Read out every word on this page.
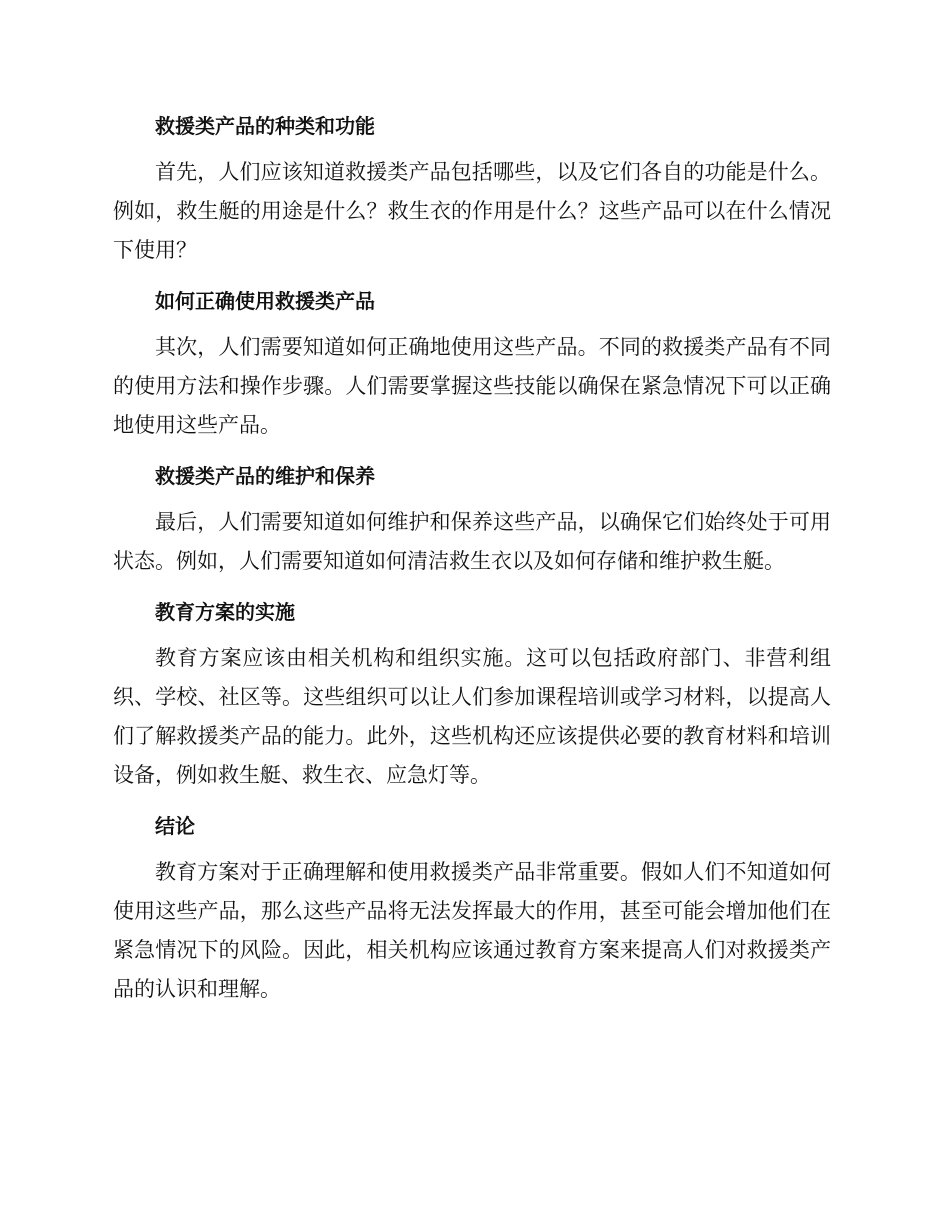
救援类产品的种类和功能

首先，人们应该知道救援类产品包括哪些，以及它们各自的功能是什么。例如，救生艇的用途是什么？救生衣的作用是什么？这些产品可以在什么情况下使用？

如何正确使用救援类产品

其次，人们需要知道如何正确地使用这些产品。不同的救援类产品有不同的使用方法和操作步骤。人们需要掌握这些技能以确保在紧急情况下可以正确地使用这些产品。

救援类产品的维护和保养

最后，人们需要知道如何维护和保养这些产品，以确保它们始终处于可用状态。例如，人们需要知道如何清洁救生衣以及如何存储和维护救生艇。

教育方案的实施

教育方案应该由相关机构和组织实施。这可以包括政府部门、非营利组织、学校、社区等。这些组织可以让人们参加课程培训或学习材料，以提高人们了解救援类产品的能力。此外，这些机构还应该提供必要的教育材料和培训设备，例如救生艇、救生衣、应急灯等。

结论

教育方案对于正确理解和使用救援类产品非常重要。假如人们不知道如何使用这些产品，那么这些产品将无法发挥最大的作用，甚至可能会增加他们在紧急情况下的风险。因此，相关机构应该通过教育方案来提高人们对救援类产品的认识和理解。
